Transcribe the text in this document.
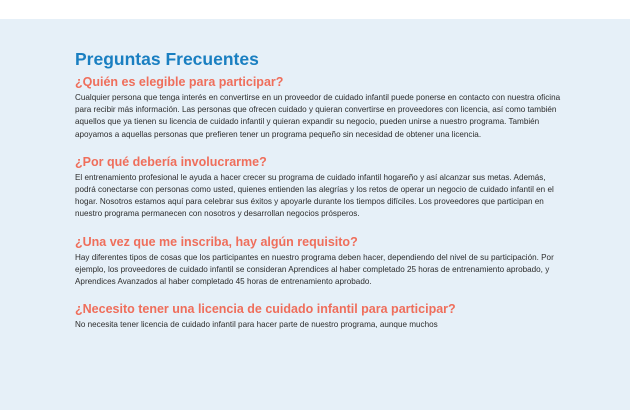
Preguntas Frecuentes
¿Quién es elegible para participar?

Cualquier persona que tenga interés en convertirse en un proveedor de cuidado infantil puede ponerse en contacto con nuestra oficina para recibir más información. Las personas que ofrecen cuidado y quieran convertirse en proveedores con licencia, así como también aquellos que ya tienen su licencia de cuidado infantil y quieran expandir su negocio, pueden unirse a nuestro programa. También apoyamos a aquellas personas que prefieren tener un programa pequeño sin necesidad de obtener una licencia.

¿Por qué debería involucrarme?

El entrenamiento profesional le ayuda a hacer crecer su programa de cuidado infantil hogareño y así alcanzar sus metas. Además, podrá conectarse con personas como usted, quienes entienden las alegrías y los retos de operar un negocio de cuidado infantil en el hogar. Nosotros estamos aquí para celebrar sus éxitos y apoyarle durante los tiempos difíciles. Los proveedores que participan en nuestro programa permanecen con nosotros y desarrollan negocios prósperos.

¿Una vez que me inscriba, hay algún requisito?

Hay diferentes tipos de cosas que los participantes en nuestro programa deben hacer, dependiendo del nivel de su participación. Por ejemplo, los proveedores de cuidado infantil se consideran Aprendices al haber completado 25 horas de entrenamiento aprobado, y Aprendices Avanzados al haber completado 45 horas de entrenamiento aprobado.

¿Necesito tener una licencia de cuidado infantil para participar?

No necesita tener licencia de cuidado infantil para hacer parte de nuestro programa, aunque muchos
